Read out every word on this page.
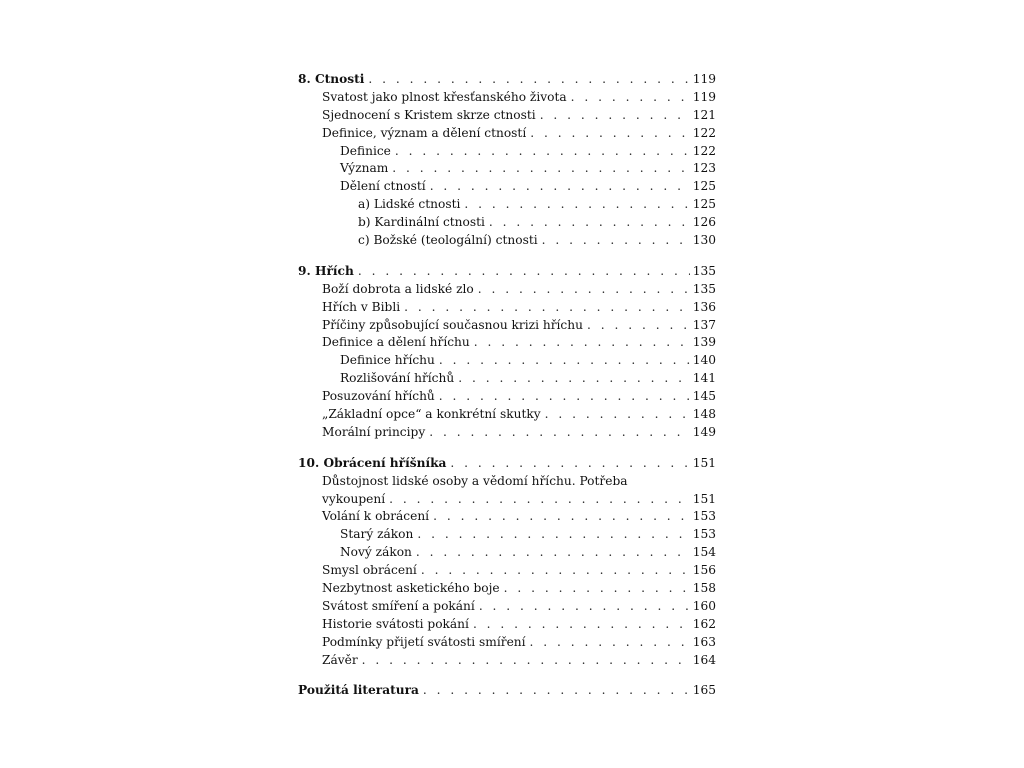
8. Ctnosti . . .	119
Svatost jako plnost křesťanského života . . .	119
Sjednocení s Kristem skrze ctnosti . . .	121
Definice, význam a dělení ctností . . .	122
Definice . . .	122
Význam . . .	123
Dělení ctností . . .	125
a) Lidské ctnosti . . .	125
b) Kardinální ctnosti . . .	126
c) Božské (teologální) ctnosti . . .	130
9. Hřích . . .	135
Boží dobrota a lidské zlo . . .	135
Hřích v Bibli . . .	136
Příčiny způsobující současnou krizi hříchu . . .	137
Definice a dělení hříchu . . .	139
Definice hříchu . . .	140
Rozlišování hříchů . . .	141
Posuzování hříchů . . .	145
„Základní opce“ a konkrétní skutky . . .	148
Morální principy . . .	149
10. Obrácení hříšníka . . .	151
Důstojnost lidské osoby a vědomí hříchu. Potřeba
vykoupení . . .	151
Volání k obrácení . . .	153
Starý zákon . . .	153
Nový zákon . . .	154
Smysl obrácení . . .	156
Nezbytnost asketického boje . . .	158
Svátost smíření a pokání . . .	160
Historie svátosti pokání . . .	162
Podmínky přijetí svátosti smíření . . .	163
Závěr . . .	164
Použitá literatura . . .	165
